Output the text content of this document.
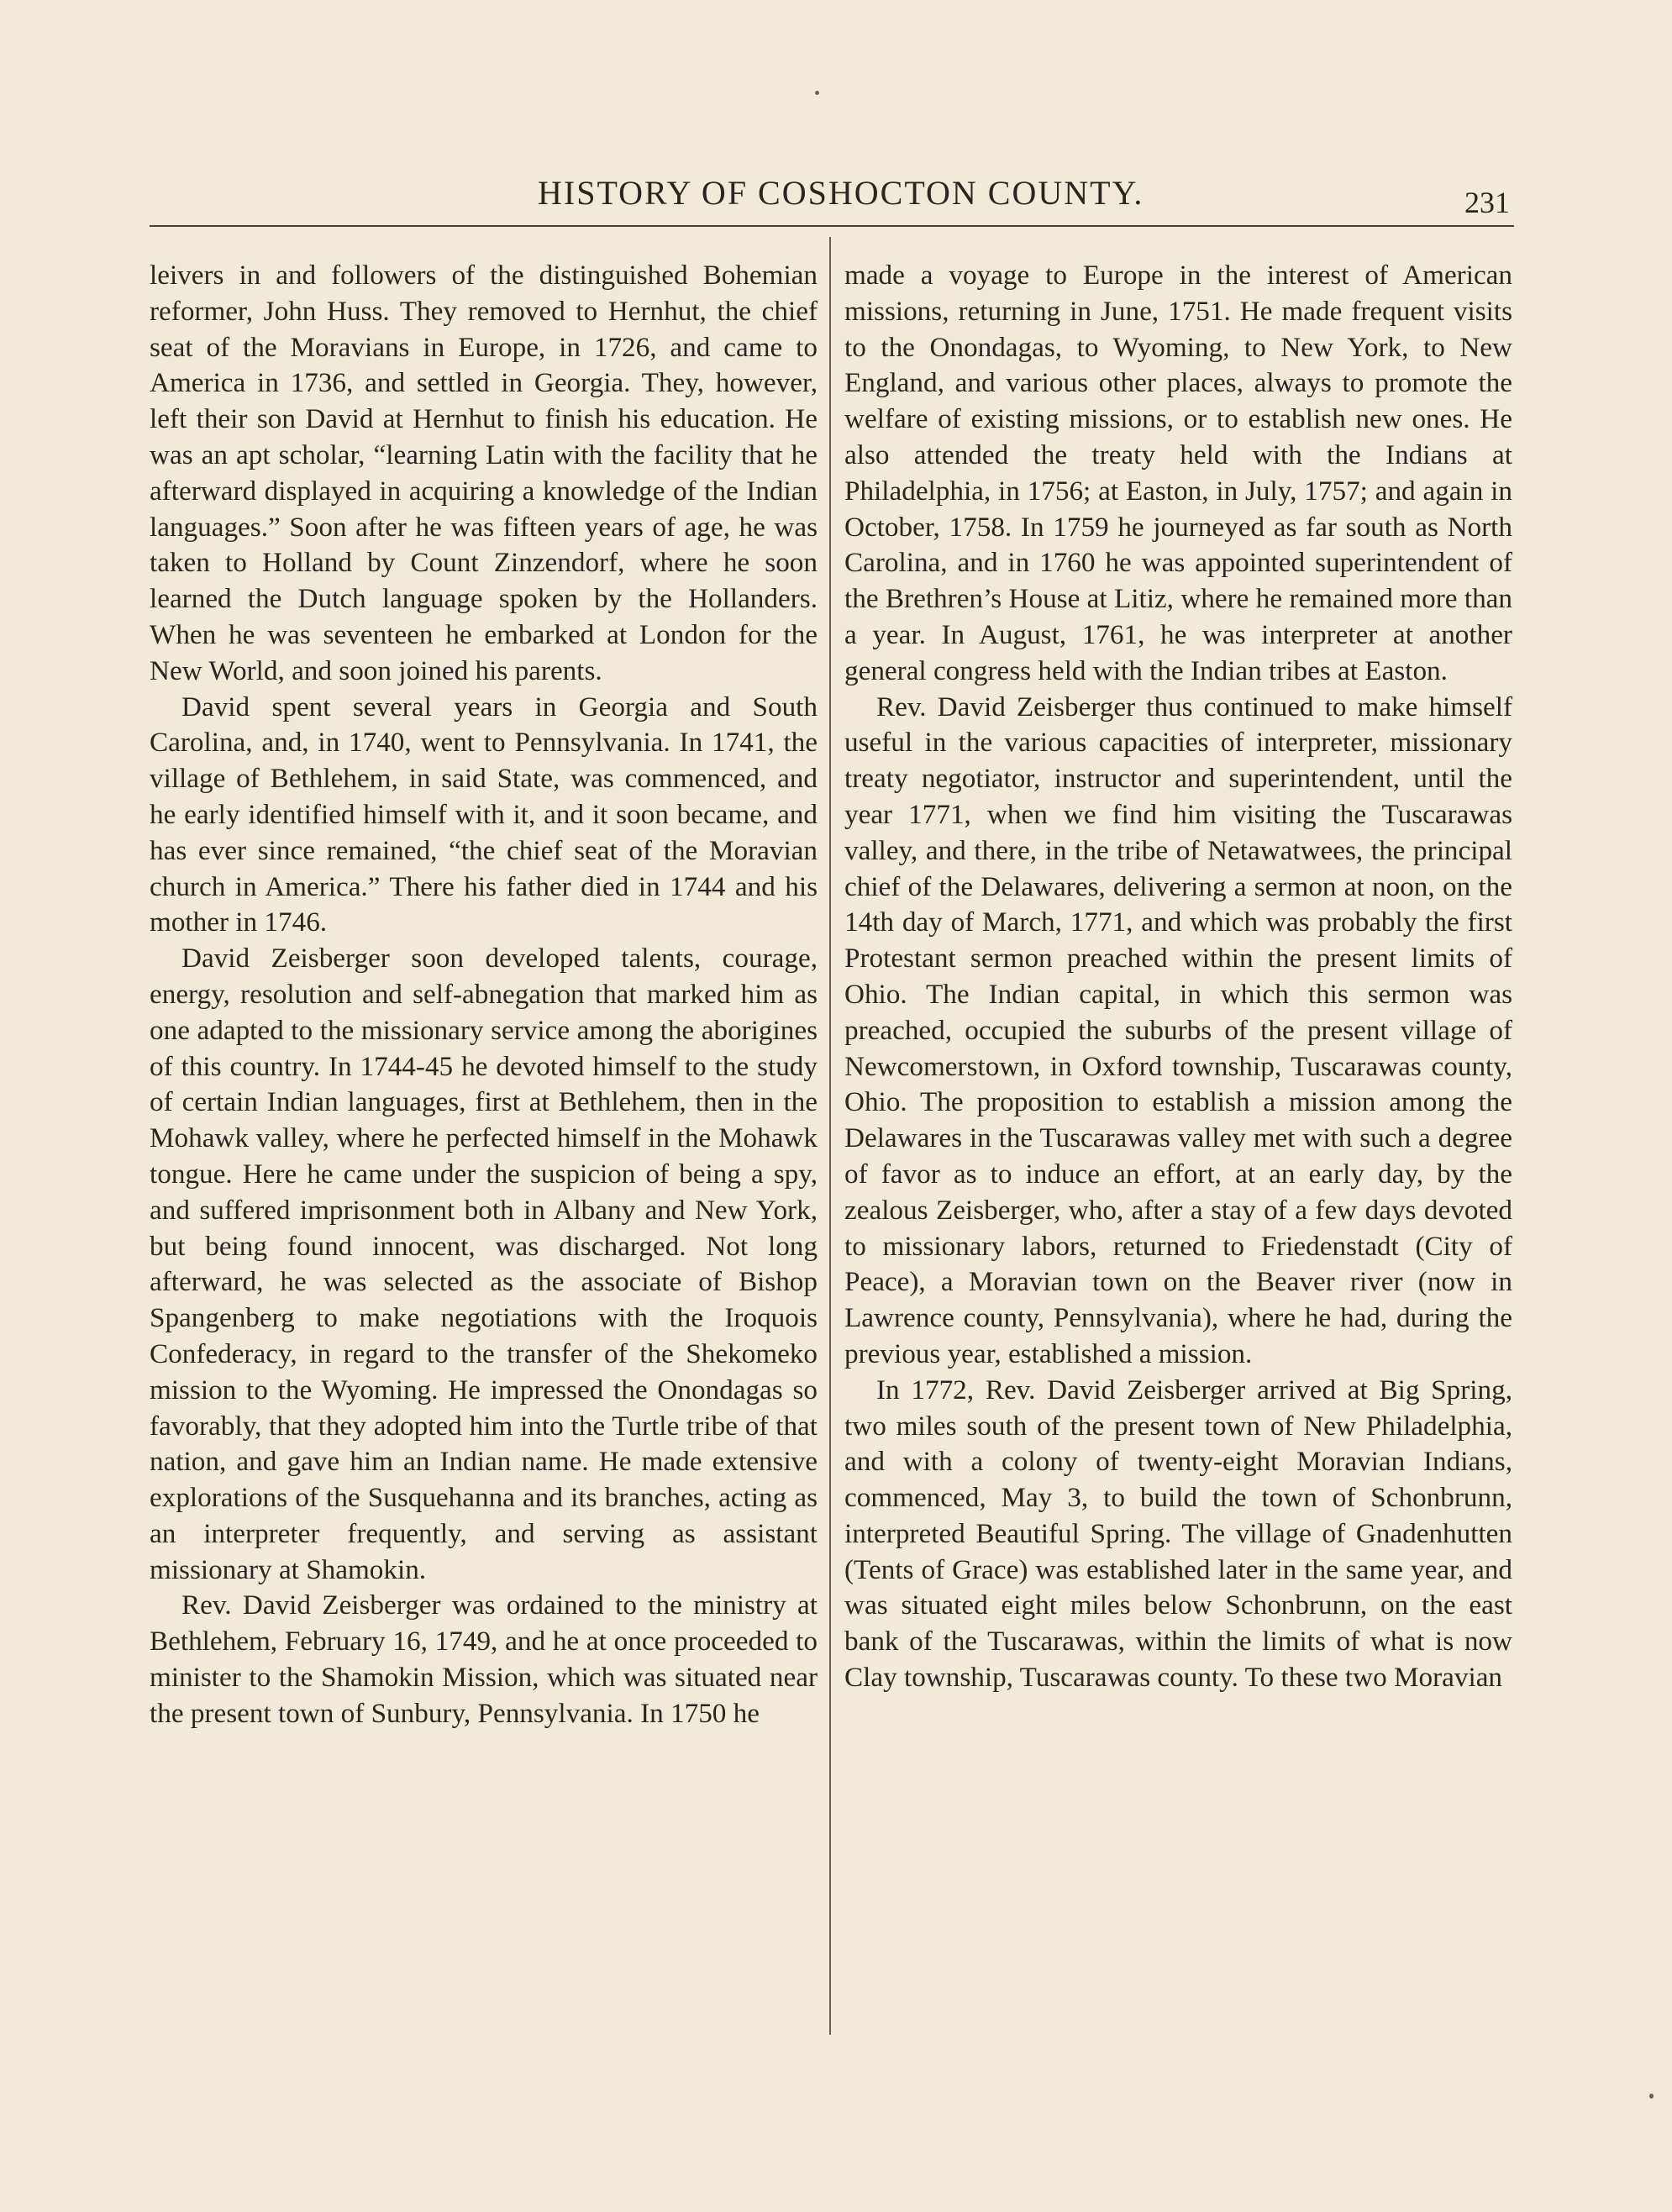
HISTORY OF COSHOCTON COUNTY.	231

leivers in and followers of the distinguished Bohemian reformer, John Huss. They removed to Hernhut, the chief seat of the Moravians in Europe, in 1726, and came to America in 1736, and settled in Georgia. They, however, left their son David at Hernhut to finish his education. He was an apt scholar, “learning Latin with the facility that he afterward displayed in acquiring a knowledge of the Indian languages.” Soon after he was fifteen years of age, he was taken to Holland by Count Zinzendorf, where he soon learned the Dutch language spoken by the Hollanders. When he was seventeen he embarked at London for the New World, and soon joined his parents.

David spent several years in Georgia and South Carolina, and, in 1740, went to Pennsylvania. In 1741, the village of Bethlehem, in said State, was commenced, and he early identified himself with it, and it soon became, and has ever since remained, “the chief seat of the Moravian church in America.” There his father died in 1744 and his mother in 1746.

David Zeisberger soon developed talents, courage, energy, resolution and self-abnegation that marked him as one adapted to the missionary service among the aborigines of this country. In 1744-45 he devoted himself to the study of certain Indian languages, first at Bethlehem, then in the Mohawk valley, where he perfected himself in the Mohawk tongue. Here he came under the suspicion of being a spy, and suffered imprisonment both in Albany and New York, but being found innocent, was discharged. Not long afterward, he was selected as the associate of Bishop Spangenberg to make negotiations with the Iroquois Confederacy, in regard to the transfer of the Shekomeko mission to the Wyoming. He impressed the Onondagas so favorably, that they adopted him into the Turtle tribe of that nation, and gave him an Indian name. He made extensive explorations of the Susquehanna and its branches, acting as an interpreter frequently, and serving as assistant missionary at Shamokin.

Rev. David Zeisberger was ordained to the ministry at Bethlehem, February 16, 1749, and he at once proceeded to minister to the Shamokin Mission, which was situated near the present town of Sunbury, Pennsylvania. In 1750 he

made a voyage to Europe in the interest of American missions, returning in June, 1751. He made frequent visits to the Onondagas, to Wyoming, to New York, to New England, and various other places, always to promote the welfare of existing missions, or to establish new ones. He also attended the treaty held with the Indians at Philadelphia, in 1756; at Easton, in July, 1757; and again in October, 1758. In 1759 he journeyed as far south as North Carolina, and in 1760 he was appointed superintendent of the Brethren’s House at Litiz, where he remained more than a year. In August, 1761, he was interpreter at another general congress held with the Indian tribes at Easton.

Rev. David Zeisberger thus continued to make himself useful in the various capacities of interpreter, missionary treaty negotiator, instructor and superintendent, until the year 1771, when we find him visiting the Tuscarawas valley, and there, in the tribe of Netawatwees, the principal chief of the Delawares, delivering a sermon at noon, on the 14th day of March, 1771, and which was probably the first Protestant sermon preached within the present limits of Ohio. The Indian capital, in which this sermon was preached, occupied the suburbs of the present village of Newcomerstown, in Oxford township, Tuscarawas county, Ohio. The proposition to establish a mission among the Delawares in the Tuscarawas valley met with such a degree of favor as to induce an effort, at an early day, by the zealous Zeisberger, who, after a stay of a few days devoted to missionary labors, returned to Friedenstadt (City of Peace), a Moravian town on the Beaver river (now in Lawrence county, Pennsylvania), where he had, during the previous year, established a mission.

In 1772, Rev. David Zeisberger arrived at Big Spring, two miles south of the present town of New Philadelphia, and with a colony of twenty-eight Moravian Indians, commenced, May 3, to build the town of Schonbrunn, interpreted Beautiful Spring. The village of Gnadenhutten (Tents of Grace) was established later in the same year, and was situated eight miles below Schonbrunn, on the east bank of the Tuscarawas, within the limits of what is now Clay township, Tuscarawas county. To these two Moravian
